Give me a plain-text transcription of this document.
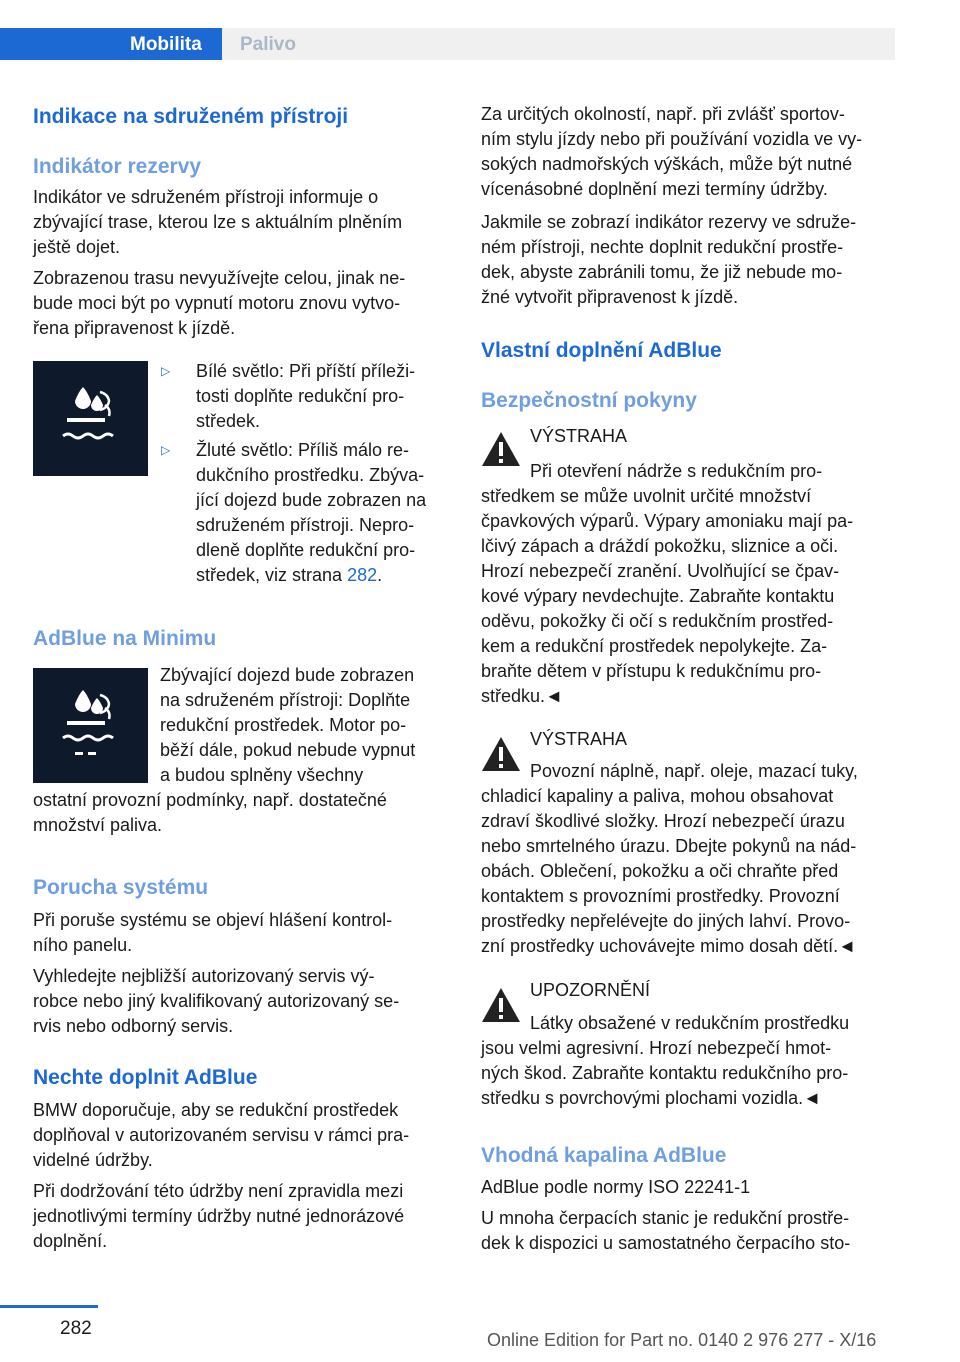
Mobilita Palivo
Indikace na sdruženém přístroji
Indikátor rezervy
Indikátor ve sdruženém přístroji informuje o
zbývající trase, kterou lze s aktuálním plněním
ještě dojet.
Zobrazenou trasu nevyužívejte celou, jinak ne‐
bude moci být po vypnutí motoru znovu vytvo‐
řena připravenost k jízdě.
▷ Bílé světlo: Při příští příleži‐
tosti doplňte redukční pro‐
středek.
▷ Žluté světlo: Příliš málo re‐
dukčního prostředku. Zbýva‐
jící dojezd bude zobrazen na
sdruženém přístroji. Nepro‐
dleně doplňte redukční pro‐
středek, viz strana 282.
AdBlue na Minimu
Zbývající dojezd bude zobrazen
na sdruženém přístroji: Doplňte
redukční prostředek. Motor po‐
běží dále, pokud nebude vypnut
a budou splněny všechny
ostatní provozní podmínky, např. dostatečné
množství paliva.
Porucha systému
Při poruše systému se objeví hlášení kontrol‐
ního panelu.
Vyhledejte nejbližší autorizovaný servis vý‐
robce nebo jiný kvalifikovaný autorizovaný se‐
rvis nebo odborný servis.
Nechte doplnit AdBlue
BMW doporučuje, aby se redukční prostředek
doplňoval v autorizovaném servisu v rámci pra‐
videlné údržby.
Při dodržování této údržby není zpravidla mezi
jednotlivými termíny údržby nutné jednorázové
doplnění.
Za určitých okolností, např. při zvlášť sportov‐
ním stylu jízdy nebo při používání vozidla ve vy‐
sokých nadmořských výškách, může být nutné
vícenásobné doplnění mezi termíny údržby.
Jakmile se zobrazí indikátor rezervy ve sdruže‐
ném přístroji, nechte doplnit redukční prostře‐
dek, abyste zabránili tomu, že již nebude mo‐
žné vytvořit připravenost k jízdě.
Vlastní doplnění AdBlue
Bezpečnostní pokyny
VÝSTRAHA
Při otevření nádrže s redukčním pro‐
středkem se může uvolnit určité množství
čpavkových výparů. Výpary amoniaku mají pa‐
lčivý zápach a dráždí pokožku, sliznice a oči.
Hrozí nebezpečí zranění. Uvolňující se čpav‐
kové výpary nevdechujte. Zabraňte kontaktu
oděvu, pokožky či očí s redukčním prostřed‐
kem a redukční prostředek nepolykejte. Za‐
braňte dětem v přístupu k redukčnímu pro‐
středku.◄
VÝSTRAHA
Povozní náplně, např. oleje, mazací tuky,
chladicí kapaliny a paliva, mohou obsahovat
zdraví škodlivé složky. Hrozí nebezpečí úrazu
nebo smrtelného úrazu. Dbejte pokynů na nád‐
obách. Oblečení, pokožku a oči chraňte před
kontaktem s provozními prostředky. Provozní
prostředky nepřelévejte do jiných lahví. Provo‐
zní prostředky uchovávejte mimo dosah dětí.◄
UPOZORNĚNÍ
Látky obsažené v redukčním prostředku
jsou velmi agresivní. Hrozí nebezpečí hmot‐
ných škod. Zabraňte kontaktu redukčního pro‐
středku s povrchovými plochami vozidla.◄
Vhodná kapalina AdBlue
AdBlue podle normy ISO 22241-1
U mnoha čerpacích stanic je redukční prostře‐
dek k dispozici u samostatného čerpacího sto‐
282
Online Edition for Part no. 0140 2 976 277 - X/16
